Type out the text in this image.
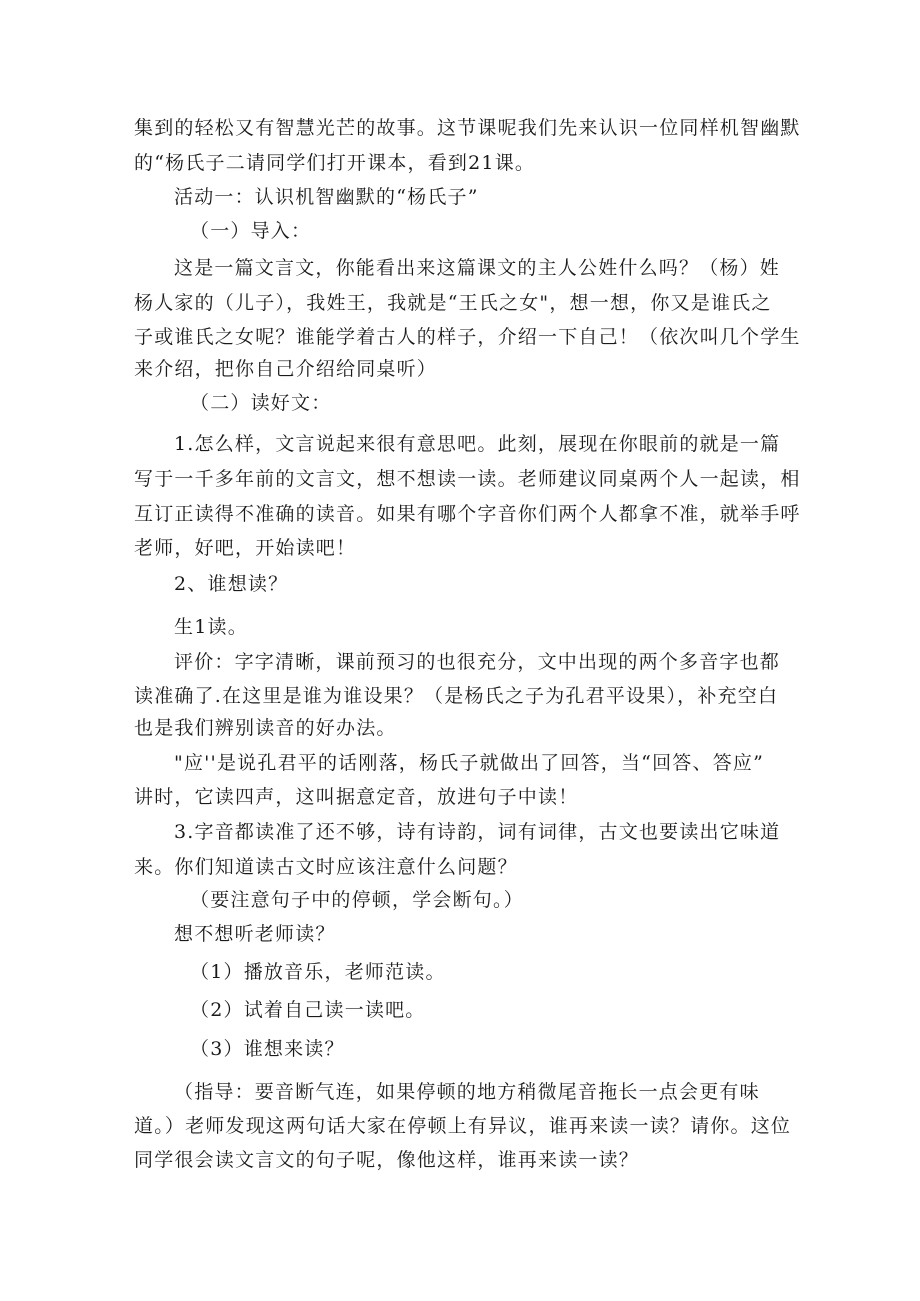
集到的轻松又有智慧光芒的故事。这节课呢我们先来认识一位同样机智幽默
的“杨氏子二请同学们打开课本，看到21课。
活动一：认识机智幽默的“杨氏子”
（一）导入：
这是一篇文言文，你能看出来这篇课文的主人公姓什么吗？（杨）姓
杨人家的（儿子），我姓王，我就是“王氏之女"，想一想，你又是谁氏之
子或谁氏之女呢？谁能学着古人的样子，介绍一下自己！（依次叫几个学生
来介绍，把你自己介绍给同桌听）
（二）读好文：
1.怎么样，文言说起来很有意思吧。此刻，展现在你眼前的就是一篇
写于一千多年前的文言文，想不想读一读。老师建议同桌两个人一起读，相
互订正读得不准确的读音。如果有哪个字音你们两个人都拿不准，就举手呼
老师，好吧，开始读吧！
2、谁想读？
生1读。
评价：字字清晰，课前预习的也很充分，文中出现的两个多音字也都
读准确了.在这里是谁为谁设果？（是杨氏之子为孔君平设果），补充空白
也是我们辨别读音的好办法。
"应''是说孔君平的话刚落，杨氏子就做出了回答，当“回答、答应”
讲时，它读四声，这叫据意定音，放进句子中读！
3.字音都读准了还不够，诗有诗韵，词有词律，古文也要读出它味道
来。你们知道读古文时应该注意什么问题？
（要注意句子中的停顿，学会断句。）
想不想听老师读？
（1）播放音乐，老师范读。
（2）试着自己读一读吧。
（3）谁想来读？
（指导：要音断气连，如果停顿的地方稍微尾音拖长一点会更有味
道。）老师发现这两句话大家在停顿上有异议，谁再来读一读？请你。这位
同学很会读文言文的句子呢，像他这样，谁再来读一读？
